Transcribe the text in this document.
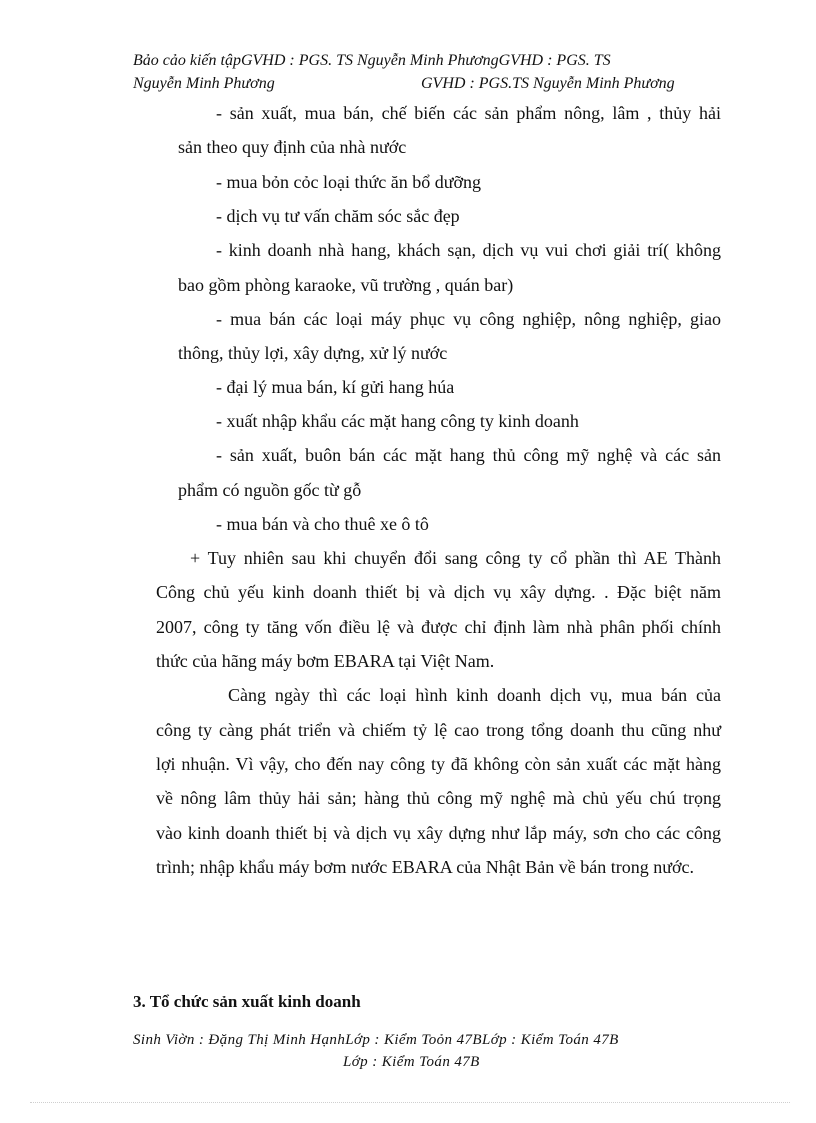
Bảo cảo kiến tậpGVHD : PGS. TS Nguyễn Minh PhươngGVHD : PGS. TS
Nguyễn Minh Phương	GVHD : PGS.TS Nguyễn Minh Phương
- sản xuất, mua bán, chế biến các sản phẩm nông, lâm , thủy hải
sản theo quy định của nhà nước
- mua bỏn cỏc loại thức ăn bổ dưỡng
- dịch vụ tư vấn chăm sóc sắc đẹp
- kinh doanh nhà hang, khách sạn, dịch vụ vui chơi giải trí( không
bao gồm phòng karaoke, vũ trường , quán bar)
- mua bán các loại máy phục vụ công nghiệp, nông nghiệp, giao
thông, thủy lợi, xây dựng, xử lý nước
- đại lý mua bán, kí gửi hang húa
- xuất nhập khẩu các mặt hang công ty kinh doanh
- sản xuất, buôn bán các mặt hang thủ công mỹ nghệ và các sản
phẩm có nguồn gốc từ gỗ
- mua bán và cho thuê xe ô tô
+ Tuy nhiên sau khi chuyển đổi sang công ty cổ phần thì AE Thành
Công chủ yếu kinh doanh thiết bị và dịch vụ xây dựng. . Đặc biệt năm
2007, công ty tăng vốn điều lệ và được chỉ định làm nhà phân phối chính
thức của hãng máy bơm EBARA tại Việt Nam.
Càng ngày thì các loại hình kinh doanh dịch vụ, mua bán của
công ty càng phát triển và chiếm tỷ lệ cao trong tổng doanh thu cũng như
lợi nhuận. Vì vậy, cho đến nay công ty đã không còn sản xuất các mặt hàng
về nông lâm thủy hải sản; hàng thủ công mỹ nghệ mà chủ yếu chú trọng
vào kinh doanh thiết bị và dịch vụ xây dựng như lắp máy, sơn cho các công
trình; nhập khẩu máy bơm nước EBARA của Nhật Bản về bán trong nước.
3. Tổ chức sản xuất kinh doanh
Sinh Viờn : Đặng Thị Minh HạnhLớp : Kiểm Toỏn 47BLớp : Kiểm Toán 47B
Lớp : Kiểm Toán 47B
